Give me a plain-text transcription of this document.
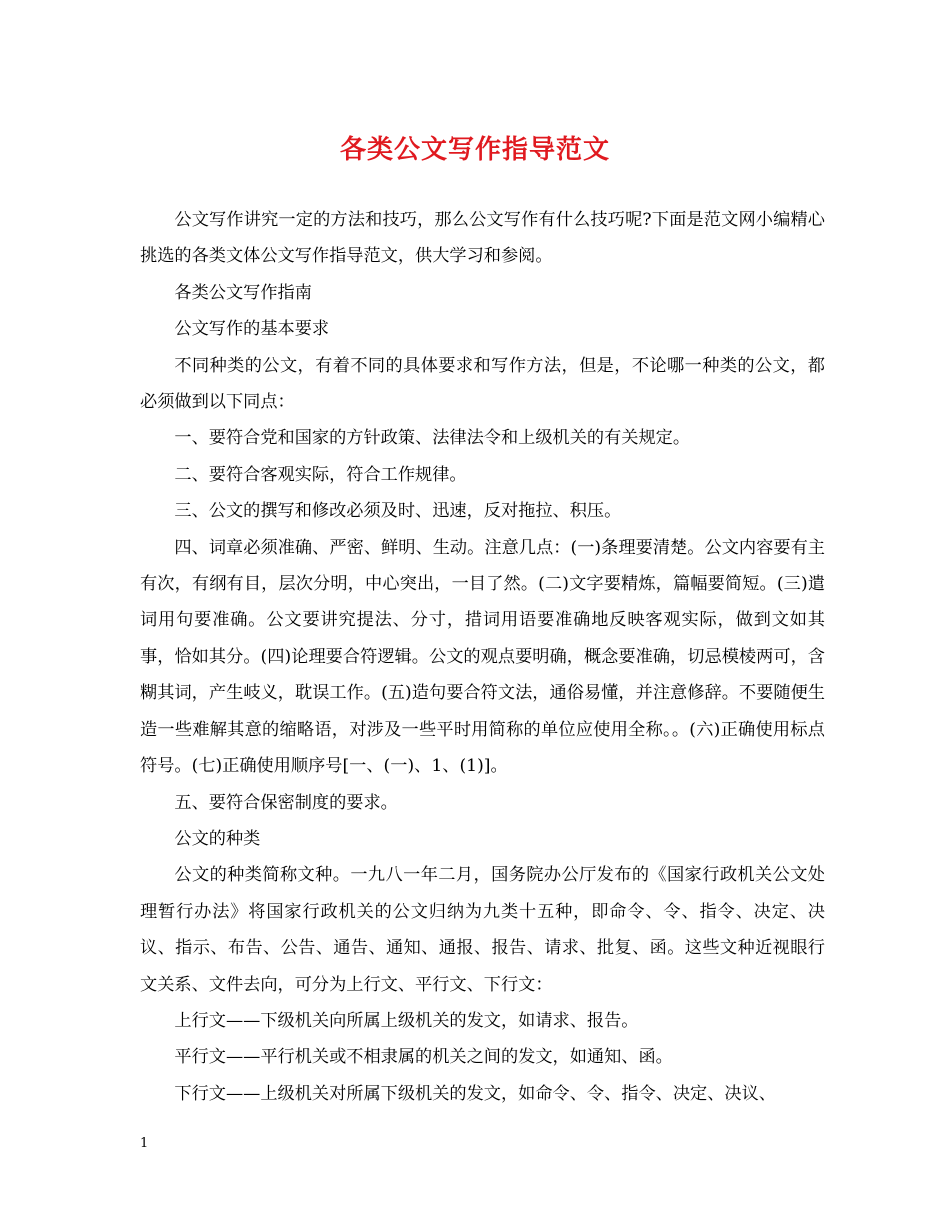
各类公文写作指导范文

公文写作讲究一定的方法和技巧，那么公文写作有什么技巧呢?下面是范文网小编精心挑选的各类文体公文写作指导范文，供大学习和参阅。

各类公文写作指南

公文写作的基本要求

不同种类的公文，有着不同的具体要求和写作方法，但是，不论哪一种类的公文，都必须做到以下同点：

一、要符合党和国家的方针政策、法律法令和上级机关的有关规定。

二、要符合客观实际，符合工作规律。

三、公文的撰写和修改必须及时、迅速，反对拖拉、积压。

四、词章必须准确、严密、鲜明、生动。注意几点：(一)条理要清楚。公文内容要有主有次，有纲有目，层次分明，中心突出，一目了然。(二)文字要精炼，篇幅要简短。(三)遣词用句要准确。公文要讲究提法、分寸，措词用语要准确地反映客观实际，做到文如其事，恰如其分。(四)论理要合符逻辑。公文的观点要明确，概念要准确，切忌模棱两可，含糊其词，产生岐义，耽误工作。(五)造句要合符文法，通俗易懂，并注意修辞。不要随便生造一些难解其意的缩略语，对涉及一些平时用简称的单位应使用全称。。(六)正确使用标点符号。(七)正确使用顺序号[一、(一)、1、(1)]。

五、要符合保密制度的要求。

公文的种类

公文的种类简称文种。一九八一年二月，国务院办公厅发布的《国家行政机关公文处理暂行办法》将国家行政机关的公文归纳为九类十五种，即命令、令、指令、决定、决议、指示、布告、公告、通告、通知、通报、报告、请求、批复、函。这些文种近视眼行文关系、文件去向，可分为上行文、平行文、下行文：

上行文——下级机关向所属上级机关的发文，如请求、报告。

平行文——平行机关或不相隶属的机关之间的发文，如通知、函。

下行文——上级机关对所属下级机关的发文，如命令、令、指令、决定、决议、

1
